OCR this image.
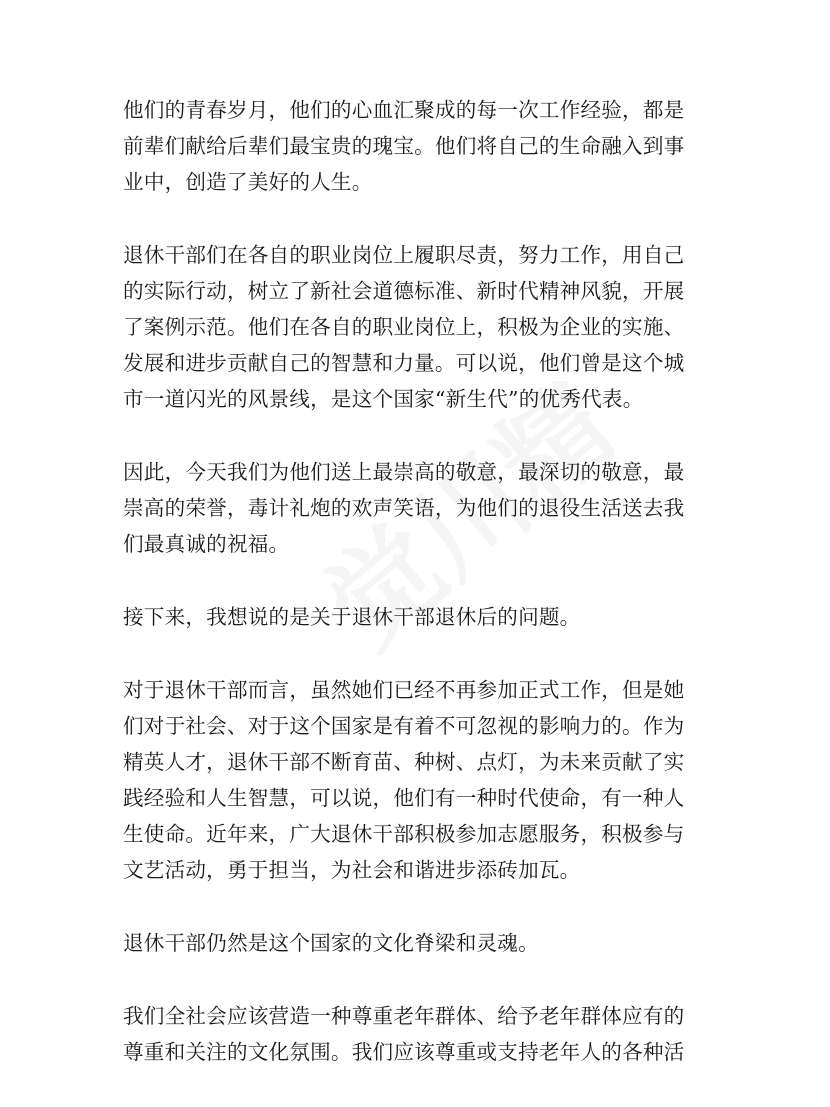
他们的青春岁月，他们的心血汇聚成的每一次工作经验，都是
前辈们献给后辈们最宝贵的瑰宝。他们将自己的生命融入到事
业中，创造了美好的人生。

退休干部们在各自的职业岗位上履职尽责，努力工作，用自己
的实际行动，树立了新社会道德标准、新时代精神风貌，开展
了案例示范。他们在各自的职业岗位上，积极为企业的实施、
发展和进步贡献自己的智慧和力量。可以说，他们曾是这个城
市一道闪光的风景线，是这个国家“新生代”的优秀代表。

因此，今天我们为他们送上最崇高的敬意，最深切的敬意，最
崇高的荣誉，毒计礼炮的欢声笑语，为他们的退役生活送去我
们最真诚的祝福。

接下来，我想说的是关于退休干部退休后的问题。

对于退休干部而言，虽然她们已经不再参加正式工作，但是她
们对于社会、对于这个国家是有着不可忽视的影响力的。作为
精英人才，退休干部不断育苗、种树、点灯，为未来贡献了实
践经验和人生智慧，可以说，他们有一种时代使命，有一种人
生使命。近年来，广大退休干部积极参加志愿服务，积极参与
文艺活动，勇于担当，为社会和谐进步添砖加瓦。

退休干部仍然是这个国家的文化脊梁和灵魂。

我们全社会应该营造一种尊重老年群体、给予老年群体应有的
尊重和关注的文化氛围。我们应该尊重或支持老年人的各种活
